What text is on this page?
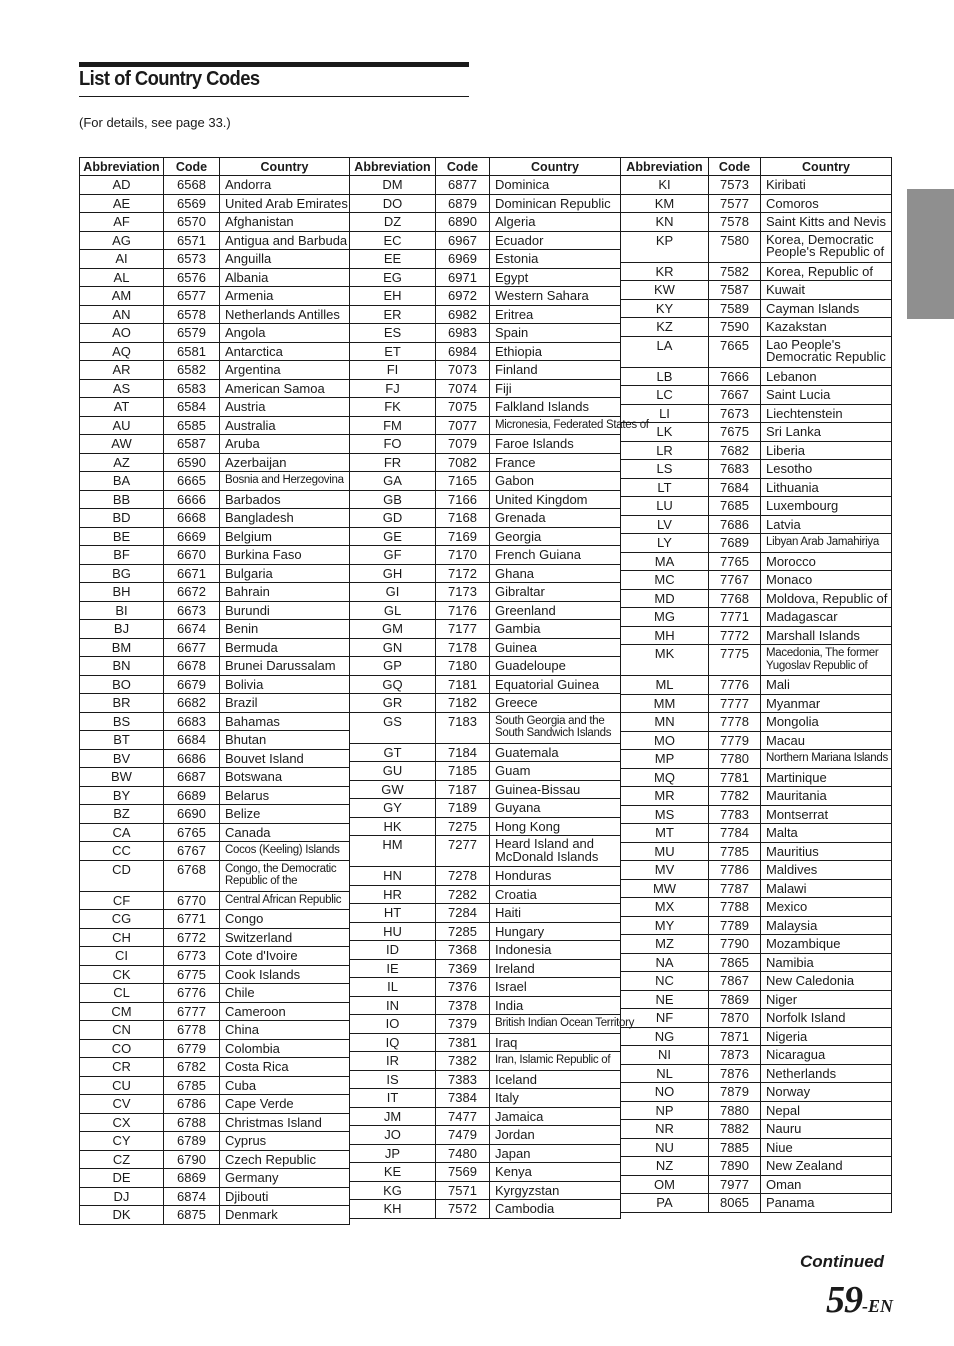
List of Country Codes
(For details, see page 33.)
Abbreviation	Code	Country
AD	6568	Andorra
AE	6569	United Arab Emirates
AF	6570	Afghanistan
AG	6571	Antigua and Barbuda
AI	6573	Anguilla
AL	6576	Albania
AM	6577	Armenia
AN	6578	Netherlands Antilles
AO	6579	Angola
AQ	6581	Antarctica
AR	6582	Argentina
AS	6583	American Samoa
AT	6584	Austria
AU	6585	Australia
AW	6587	Aruba
AZ	6590	Azerbaijan
BA	6665	Bosnia and Herzegovina
BB	6666	Barbados
BD	6668	Bangladesh
BE	6669	Belgium
BF	6670	Burkina Faso
BG	6671	Bulgaria
BH	6672	Bahrain
BI	6673	Burundi
BJ	6674	Benin
BM	6677	Bermuda
BN	6678	Brunei Darussalam
BO	6679	Bolivia
BR	6682	Brazil
BS	6683	Bahamas
BT	6684	Bhutan
BV	6686	Bouvet Island
BW	6687	Botswana
BY	6689	Belarus
BZ	6690	Belize
CA	6765	Canada
CC	6767	Cocos (Keeling) Islands
CD	6768	Congo, the Democratic Republic of the
CF	6770	Central African Republic
CG	6771	Congo
CH	6772	Switzerland
CI	6773	Cote d'Ivoire
CK	6775	Cook Islands
CL	6776	Chile
CM	6777	Cameroon
CN	6778	China
CO	6779	Colombia
CR	6782	Costa Rica
CU	6785	Cuba
CV	6786	Cape Verde
CX	6788	Christmas Island
CY	6789	Cyprus
CZ	6790	Czech Republic
DE	6869	Germany
DJ	6874	Djibouti
DK	6875	Denmark
Abbreviation	Code	Country
DM	6877	Dominica
DO	6879	Dominican Republic
DZ	6890	Algeria
EC	6967	Ecuador
EE	6969	Estonia
EG	6971	Egypt
EH	6972	Western Sahara
ER	6982	Eritrea
ES	6983	Spain
ET	6984	Ethiopia
FI	7073	Finland
FJ	7074	Fiji
FK	7075	Falkland Islands
FM	7077	Micronesia, Federated States of
FO	7079	Faroe Islands
FR	7082	France
GA	7165	Gabon
GB	7166	United Kingdom
GD	7168	Grenada
GE	7169	Georgia
GF	7170	French Guiana
GH	7172	Ghana
GI	7173	Gibraltar
GL	7176	Greenland
GM	7177	Gambia
GN	7178	Guinea
GP	7180	Guadeloupe
GQ	7181	Equatorial Guinea
GR	7182	Greece
GS	7183	South Georgia and the South Sandwich Islands
GT	7184	Guatemala
GU	7185	Guam
GW	7187	Guinea-Bissau
GY	7189	Guyana
HK	7275	Hong Kong
HM	7277	Heard Island and McDonald Islands
HN	7278	Honduras
HR	7282	Croatia
HT	7284	Haiti
HU	7285	Hungary
ID	7368	Indonesia
IE	7369	Ireland
IL	7376	Israel
IN	7378	India
IO	7379	British Indian Ocean Territory
IQ	7381	Iraq
IR	7382	Iran, Islamic Republic of
IS	7383	Iceland
IT	7384	Italy
JM	7477	Jamaica
JO	7479	Jordan
JP	7480	Japan
KE	7569	Kenya
KG	7571	Kyrgyzstan
KH	7572	Cambodia
Abbreviation	Code	Country
KI	7573	Kiribati
KM	7577	Comoros
KN	7578	Saint Kitts and Nevis
KP	7580	Korea, Democratic People's Republic of
KR	7582	Korea, Republic of
KW	7587	Kuwait
KY	7589	Cayman Islands
KZ	7590	Kazakstan
LA	7665	Lao People's Democratic Republic
LB	7666	Lebanon
LC	7667	Saint Lucia
LI	7673	Liechtenstein
LK	7675	Sri Lanka
LR	7682	Liberia
LS	7683	Lesotho
LT	7684	Lithuania
LU	7685	Luxembourg
LV	7686	Latvia
LY	7689	Libyan Arab Jamahiriya
MA	7765	Morocco
MC	7767	Monaco
MD	7768	Moldova, Republic of
MG	7771	Madagascar
MH	7772	Marshall Islands
MK	7775	Macedonia, The former Yugoslav Republic of
ML	7776	Mali
MM	7777	Myanmar
MN	7778	Mongolia
MO	7779	Macau
MP	7780	Northern Mariana Islands
MQ	7781	Martinique
MR	7782	Mauritania
MS	7783	Montserrat
MT	7784	Malta
MU	7785	Mauritius
MV	7786	Maldives
MW	7787	Malawi
MX	7788	Mexico
MY	7789	Malaysia
MZ	7790	Mozambique
NA	7865	Namibia
NC	7867	New Caledonia
NE	7869	Niger
NF	7870	Norfolk Island
NG	7871	Nigeria
NI	7873	Nicaragua
NL	7876	Netherlands
NO	7879	Norway
NP	7880	Nepal
NR	7882	Nauru
NU	7885	Niue
NZ	7890	New Zealand
OM	7977	Oman
PA	8065	Panama
Continued
59-EN
